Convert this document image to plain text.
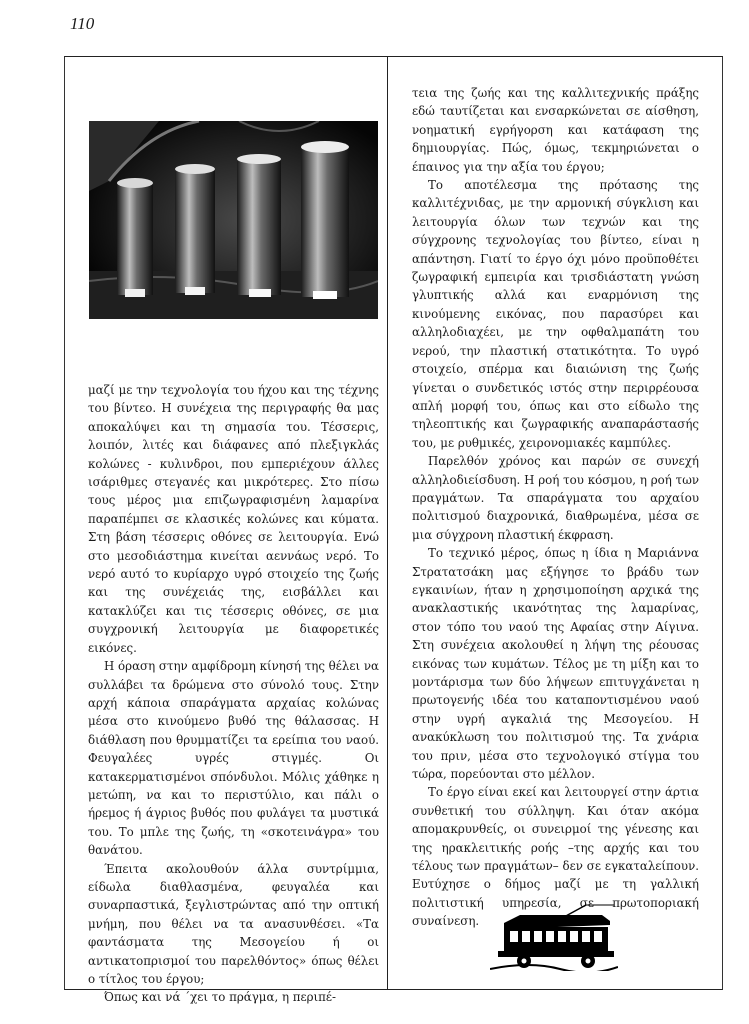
110

μαζί με την τεχνολογία του ήχου και της τέχνης του βίντεο. Η συνέχεια της περιγραφής θα μας αποκαλύψει και τη σημασία του. Τέσσερις, λοιπόν, λιτές και διάφανες από πλεξιγκλάς κολώνες - κυλινδροι, που εμπεριέχουν άλλες ισάριθμες στεγανές και μικρότερες. Στο πίσω τους μέρος μια επιζωγραφισμένη λαμαρίνα παραπέμπει σε κλασικές κολώνες και κύματα. Στη βάση τέσσερις οθόνες σε λειτουργία. Ενώ στο μεσοδιάστημα κινείται αεννάως νερό. Το νερό αυτό το κυρίαρχο υγρό στοιχείο της ζωής και της συνέχειάς της, εισβάλλει και κατακλύζει και τις τέσσερις οθόνες, σε μια συγχρονική λειτουργία με διαφορετικές εικόνες.

Η όραση στην αμφίδρομη κίνησή της θέλει να συλλάβει τα δρώμενα στο σύνολό τους. Στην αρχή κάποια σπαράγματα αρχαίας κολώνας μέσα στο κινούμενο βυθό της θάλασσας. Η διάθλαση που θρυμματίζει τα ερείπια του ναού. Φευγαλέες υγρές στιγμές. Οι κατακερματισμένοι σπόνδυλοι. Μόλις χάθηκε η μετώπη, να και το περιστύλιο, και πάλι ο ήρεμος ή άγριος βυθός που φυλάγει τα μυστικά του. Το μπλε της ζωής, τη «σκοτεινάγρα» του θανάτου.

Έπειτα ακολουθούν άλλα συντρίμμια, είδωλα διαθλασμένα, φευγαλέα και συναρπαστικά, ξεγλιστρώντας από την οπτική μνήμη, που θέλει να τα ανασυνθέσει. «Τα φαντάσματα της Μεσογείου ή οι αντικατοπρισμοί του παρελθόντος» όπως θέλει ο τίτλος του έργου;

Όπως και νά ΄χει το πράγμα, η περιπέ-

τεια της ζωής και της καλλιτεχνικής πράξης εδώ ταυτίζεται και ενσαρκώνεται σε αίσθηση, νοηματική εγρήγορση και κατάφαση της δημιουργίας. Πώς, όμως, τεκμηριώνεται ο έπαινος για την αξία του έργου;

Το αποτέλεσμα της πρότασης της καλλιτέχνιδας, με την αρμονική σύγκλιση και λειτουργία όλων των τεχνών και της σύγχρονης τεχνολογίας του βίντεο, είναι η απάντηση. Γιατί το έργο όχι μόνο προϋποθέτει ζωγραφική εμπειρία και τρισδιάστατη γνώση γλυπτικής αλλά και εναρμόνιση της κινούμενης εικόνας, που παρασύρει και αλληλοδιαχέει, με την οφθαλμαπάτη του νερού, την πλαστική στατικότητα. Το υγρό στοιχείο, σπέρμα και διαιώνιση της ζωής γίνεται ο συνδετικός ιστός στην περιρρέουσα απλή μορφή του, όπως και στο είδωλο της τηλεοπτικής και ζωγραφικής αναπαράστασής του, με ρυθμικές, χειρονομιακές καμπύλες.

Παρελθόν χρόνος και παρών σε συνεχή αλληλοδιείσδυση. Η ροή του κόσμου, η ροή των πραγμάτων. Τα σπαράγματα του αρχαίου πολιτισμού διαχρονικά, διαθρωμένα, μέσα σε μια σύγχρονη πλαστική έκφραση.

Το τεχνικό μέρος, όπως η ίδια η Μαριάννα Στρατατσάκη μας εξήγησε το βράδυ των εγκαινίων, ήταν η χρησιμοποίηση αρχικά της ανακλαστικής ικανότητας της λαμαρίνας, στον τόπο του ναού της Αφαίας στην Αίγινα. Στη συνέχεια ακολουθεί η λήψη της ρέουσας εικόνας των κυμάτων. Τέλος με τη μίξη και το μοντάρισμα των δύο λήψεων επιτυγχάνεται η πρωτογενής ιδέα του καταποντισμένου ναού στην υγρή αγκαλιά της Μεσογείου. Η ανακύκλωση του πολιτισμού της. Τα χνάρια του πριν, μέσα στο τεχνολογικό στίγμα του τώρα, πορεύονται στο μέλλον.

Το έργο είναι εκεί και λειτουργεί στην άρτια συνθετική του σύλληψη. Και όταν ακόμα απομακρυνθείς, οι συνειρμοί της γένεσης και της ηρακλειτικής ροής –της αρχής και του τέλους των πραγμάτων– δεν σε εγκαταλείπουν. Ευτύχησε ο δήμος μαζί με τη γαλλική πολιτιστική υπηρεσία, σε πρωτοποριακή συναίνεση.
